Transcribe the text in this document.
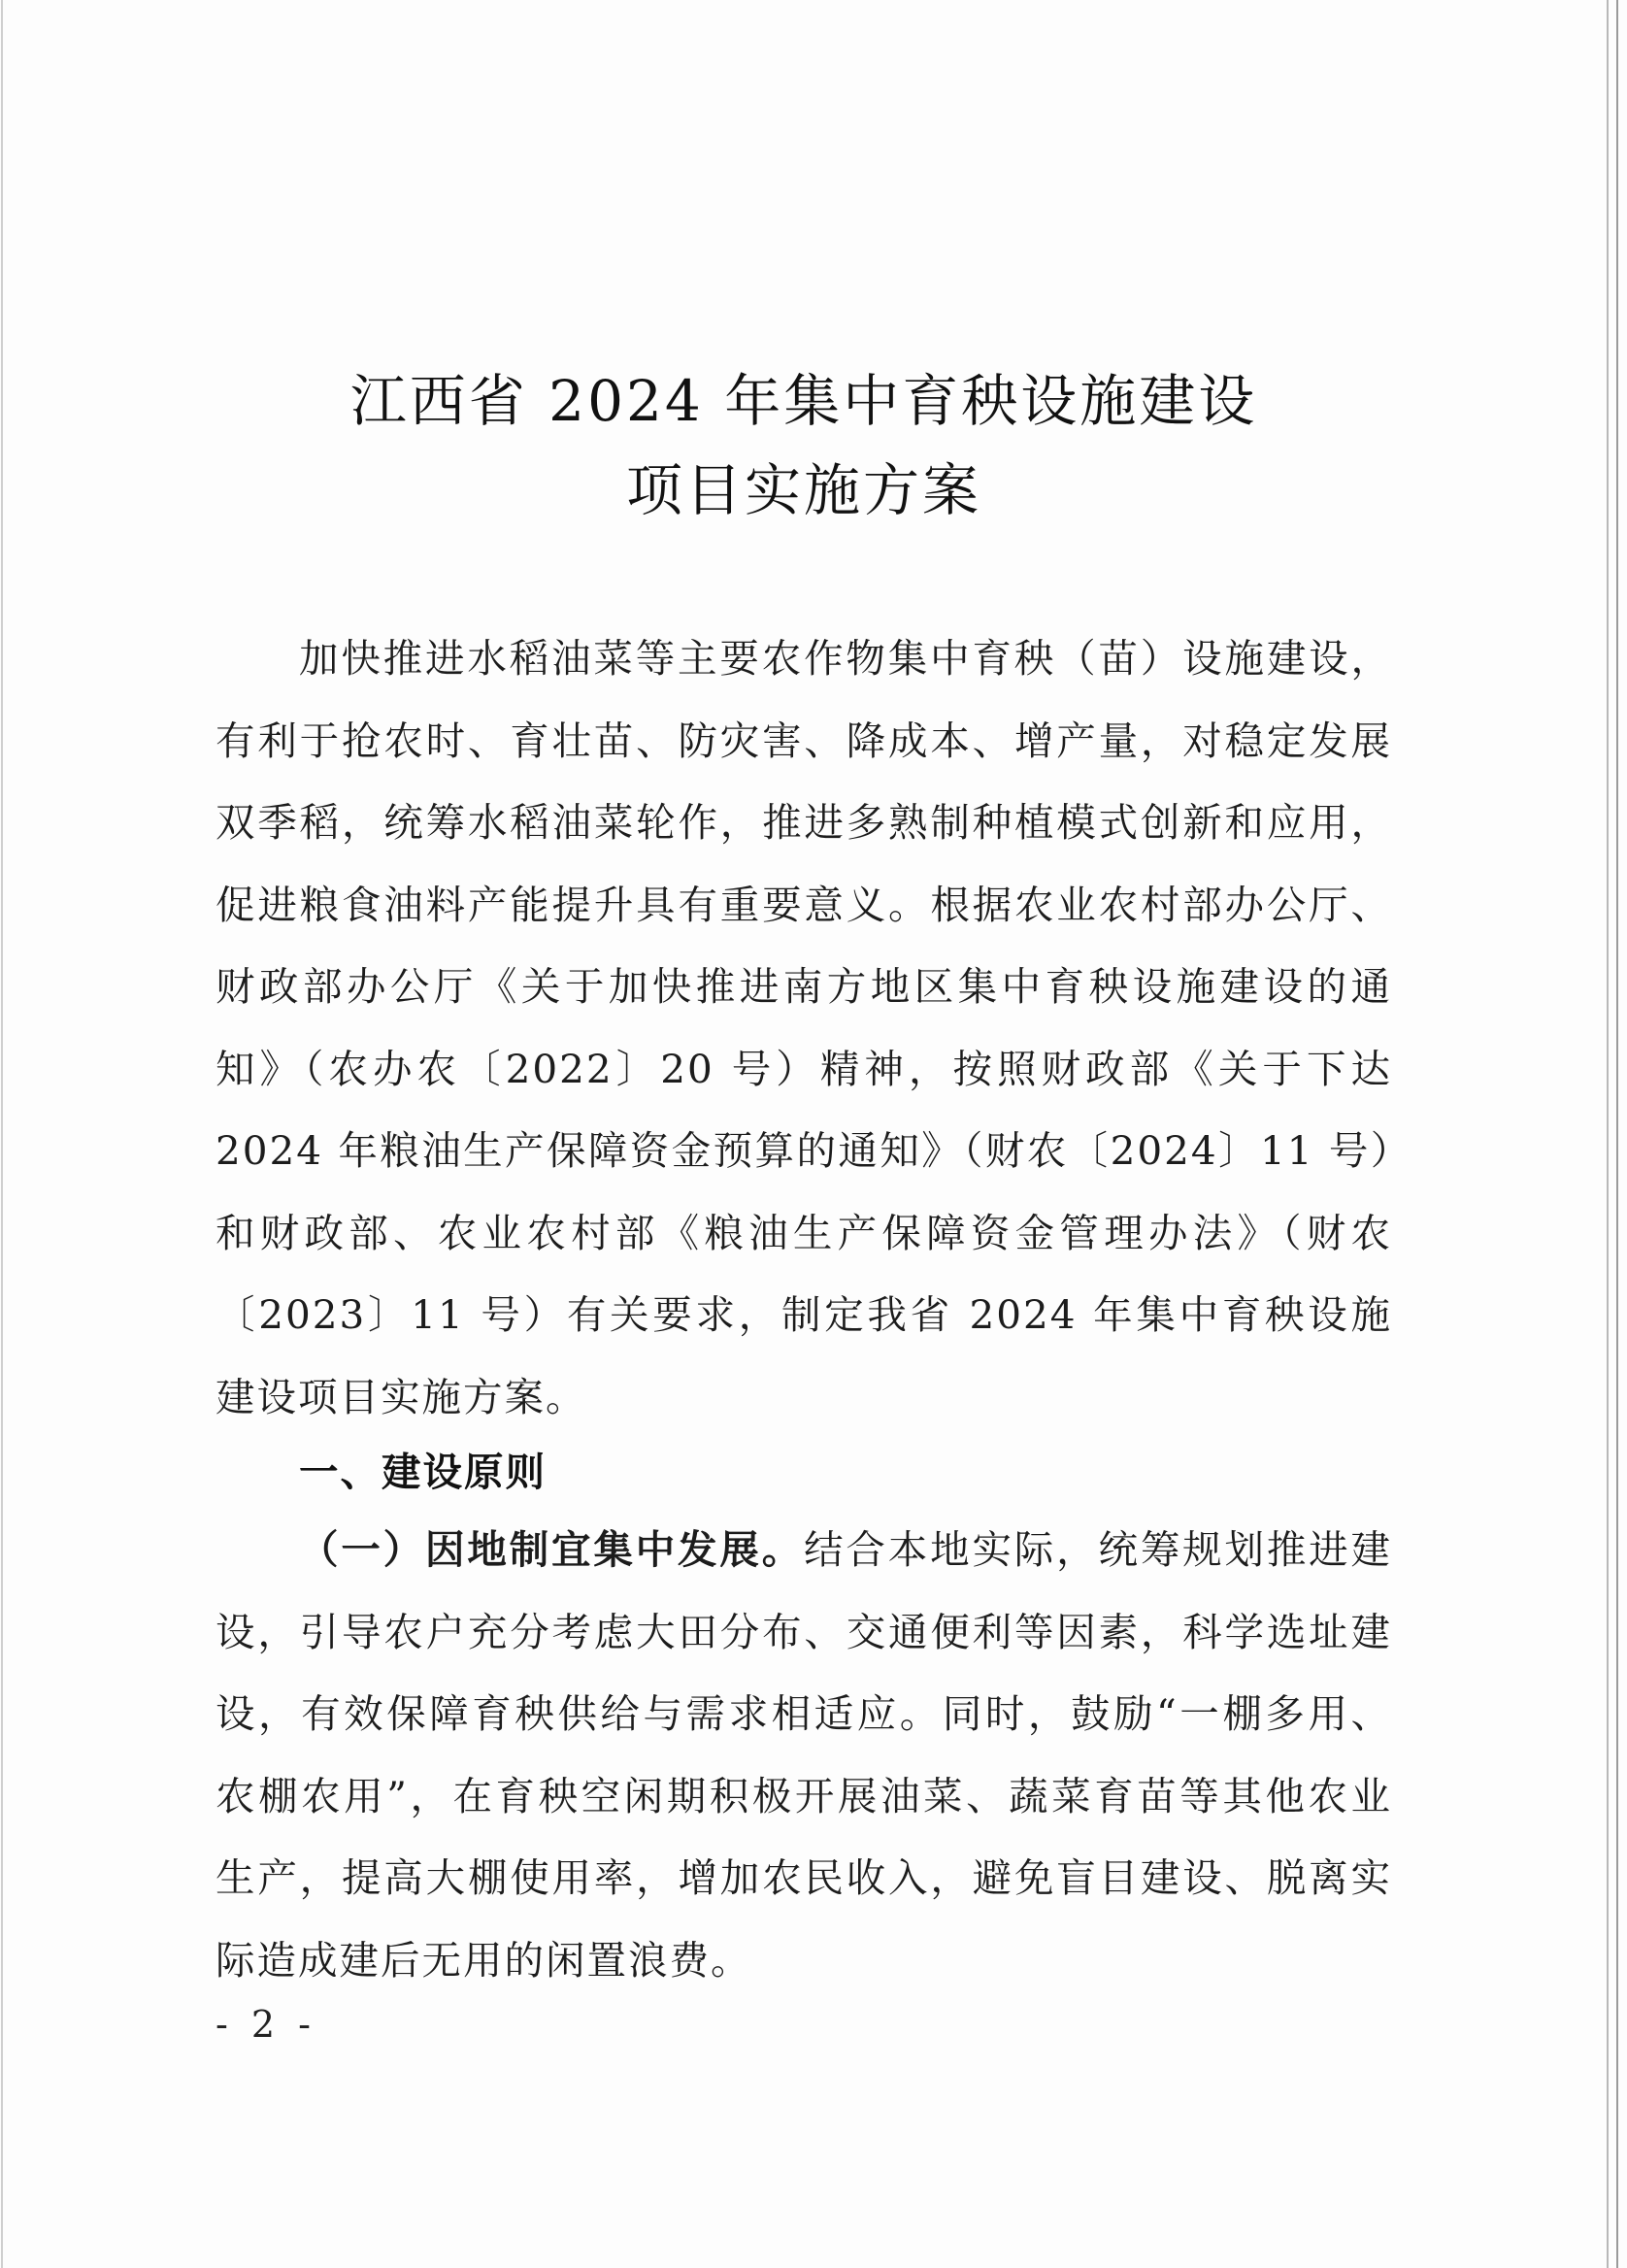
江西省 2024 年集中育秧设施建设
项目实施方案
加快推进水稻油菜等主要农作物集中育秧（苗）设施建设，有利于抢农时、育壮苗、防灾害、降成本、增产量，对稳定发展双季稻，统筹水稻油菜轮作，推进多熟制种植模式创新和应用，促进粮食油料产能提升具有重要意义。根据农业农村部办公厅、财政部办公厅《关于加快推进南方地区集中育秧设施建设的通知》（农办农〔2022〕20 号）精神，按照财政部《关于下达 2024 年粮油生产保障资金预算的通知》（财农〔2024〕11 号）和财政部、农业农村部《粮油生产保障资金管理办法》（财农〔2023〕11 号）有关要求，制定我省 2024 年集中育秧设施建设项目实施方案。
一、建设原则
（一）因地制宜集中发展。结合本地实际，统筹规划推进建设，引导农户充分考虑大田分布、交通便利等因素，科学选址建设，有效保障育秧供给与需求相适应。同时，鼓励“一棚多用、农棚农用”，在育秧空闲期积极开展油菜、蔬菜育苗等其他农业生产，提高大棚使用率，增加农民收入，避免盲目建设、脱离实际造成建后无用的闲置浪费。
- 2 -
